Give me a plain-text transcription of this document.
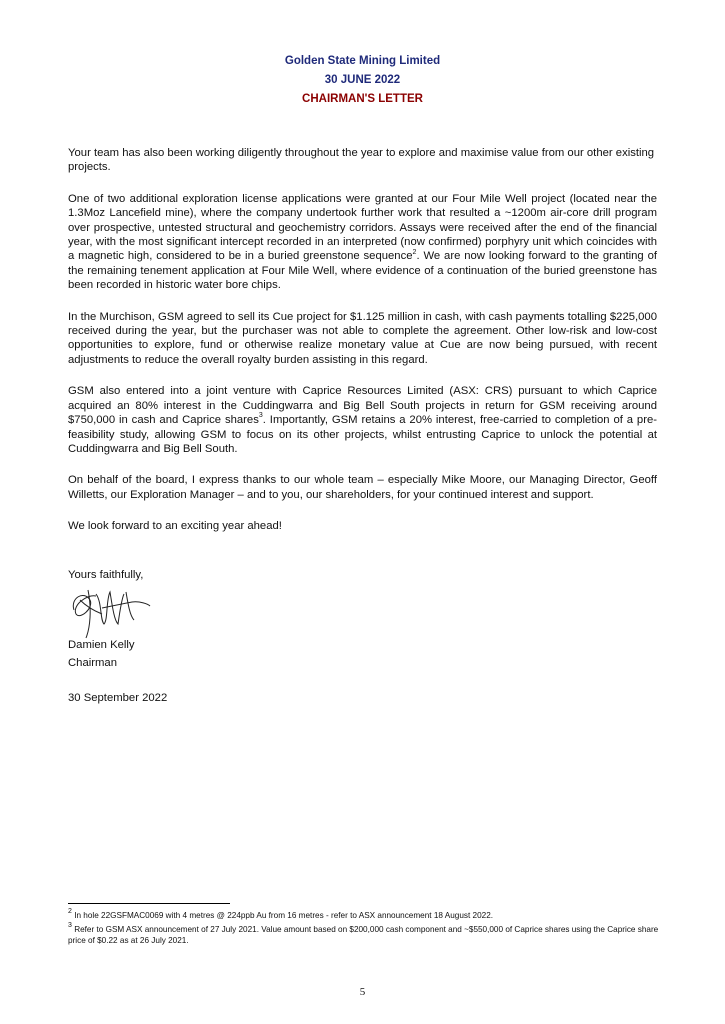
Golden State Mining Limited
30 JUNE 2022
CHAIRMAN'S LETTER

Your team has also been working diligently throughout the year to explore and maximise value from our other existing projects.

One of two additional exploration license applications were granted at our Four Mile Well project (located near the 1.3Moz Lancefield mine), where the company undertook further work that resulted a ~1200m air-core drill program over prospective, untested structural and geochemistry corridors. Assays were received after the end of the financial year, with the most significant intercept recorded in an interpreted (now confirmed) porphyry unit which coincides with a magnetic high, considered to be in a buried greenstone sequence$^2$. We are now looking forward to the granting of the remaining tenement application at Four Mile Well, where evidence of a continuation of the buried greenstone has been recorded in historic water bore chips.

In the Murchison, GSM agreed to sell its Cue project for $1.125 million in cash, with cash payments totalling $225,000 received during the year, but the purchaser was not able to complete the agreement. Other low-risk and low-cost opportunities to explore, fund or otherwise realize monetary value at Cue are now being pursued, with recent adjustments to reduce the overall royalty burden assisting in this regard.

GSM also entered into a joint venture with Caprice Resources Limited (ASX: CRS) pursuant to which Caprice acquired an 80% interest in the Cuddingwarra and Big Bell South projects in return for GSM receiving around $750,000 in cash and Caprice shares$^3$. Importantly, GSM retains a 20% interest, free-carried to completion of a pre-feasibility study, allowing GSM to focus on its other projects, whilst entrusting Caprice to unlock the potential at Cuddingwarra and Big Bell South.

On behalf of the board, I express thanks to our whole team – especially Mike Moore, our Managing Director, Geoff Willetts, our Exploration Manager – and to you, our shareholders, for your continued interest and support.

We look forward to an exciting year ahead!

Yours faithfully,
Damien Kelly
Chairman
30 September 2022
$^2$ In hole 22GSFMAC0069 with 4 metres @ 224ppb Au from 16 metres - refer to ASX announcement 18 August 2022.
$^3$ Refer to GSM ASX announcement of 27 July 2021. Value amount based on $200,000 cash component and ~$550,000 of Caprice shares using the Caprice share price of $0.22 as at 26 July 2021.
5
